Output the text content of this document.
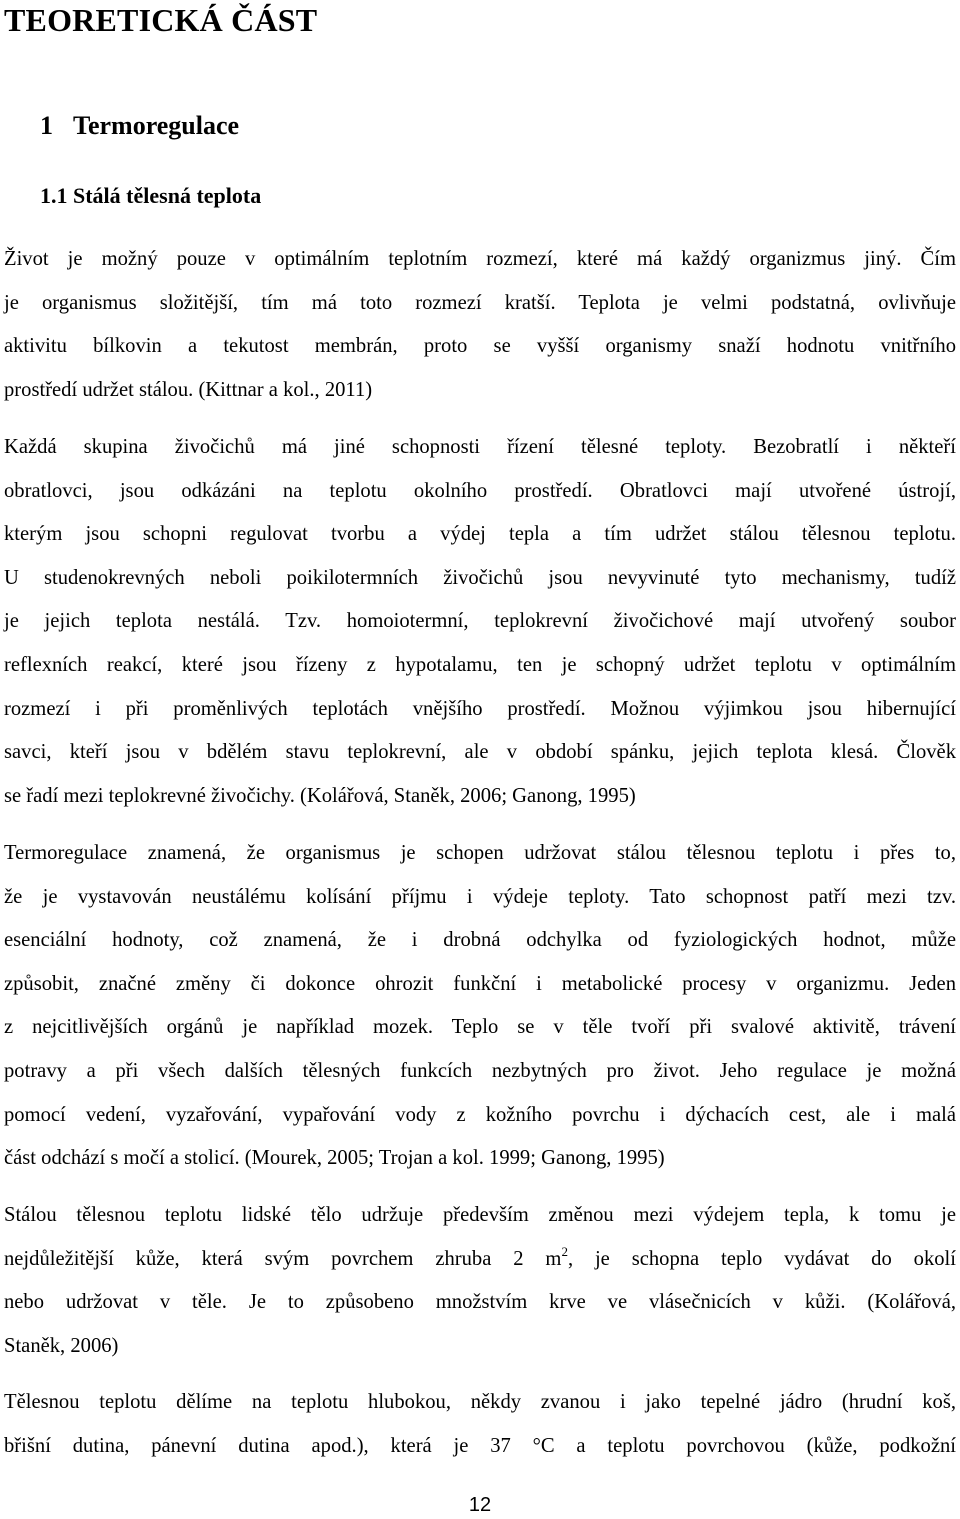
TEORETICKÁ ČÁST
1 Termoregulace
1.1 Stálá tělesná teplota

Život je možný pouze v optimálním teplotním rozmezí, které má každý organizmus jiný. Čím
je organismus složitější, tím má toto rozmezí kratší. Teplota je velmi podstatná, ovlivňuje
aktivitu bílkovin a tekutost membrán, proto se vyšší organismy snaží hodnotu vnitřního
prostředí udržet stálou. (Kittnar a kol., 2011)

Každá skupina živočichů má jiné schopnosti řízení tělesné teploty. Bezobratlí i někteří
obratlovci, jsou odkázáni na teplotu okolního prostředí. Obratlovci mají utvořené ústrojí,
kterým jsou schopni regulovat tvorbu a výdej tepla a tím udržet stálou tělesnou teplotu.
U studenokrevných neboli poikilotermních živočichů jsou nevyvinuté tyto mechanismy, tudíž
je jejich teplota nestálá. Tzv. homoiotermní, teplokrevní živočichové mají utvořený soubor
reflexních reakcí, které jsou řízeny z hypotalamu, ten je schopný udržet teplotu v optimálním
rozmezí i při proměnlivých teplotách vnějšího prostředí. Možnou výjimkou jsou hibernující
savci, kteří jsou v bdělém stavu teplokrevní, ale v období spánku, jejich teplota klesá. Člověk
se řadí mezi teplokrevné živočichy. (Kolářová, Staněk, 2006; Ganong, 1995)

Termoregulace znamená, že organismus je schopen udržovat stálou tělesnou teplotu i přes to,
že je vystavován neustálému kolísání příjmu i výdeje teploty. Tato schopnost patří mezi tzv.
esenciální hodnoty, což znamená, že i drobná odchylka od fyziologických hodnot, může
způsobit, značné změny či dokonce ohrozit funkční i metabolické procesy v organizmu. Jeden
z nejcitlivějších orgánů je například mozek. Teplo se v těle tvoří při svalové aktivitě, trávení
potravy a při všech dalších tělesných funkcích nezbytných pro život. Jeho regulace je možná
pomocí vedení, vyzařování, vypařování vody z kožního povrchu i dýchacích cest, ale i malá
část odchází s močí a stolicí. (Mourek, 2005; Trojan a kol. 1999; Ganong, 1995)

Stálou tělesnou teplotu lidské tělo udržuje především změnou mezi výdejem tepla, k tomu je
nejdůležitější kůže, která svým povrchem zhruba 2 $m^2$, je schopna teplo vydávat do okolí
nebo udržovat v těle. Je to způsobeno množstvím krve ve vlásečnicích v kůži. (Kolářová,
Staněk, 2006)

Tělesnou teplotu dělíme na teplotu hlubokou, někdy zvanou i jako tepelné jádro (hrudní koš,
břišní dutina, pánevní dutina apod.), která je 37 °C a teplotu povrchovou (kůže, podkožní

12
